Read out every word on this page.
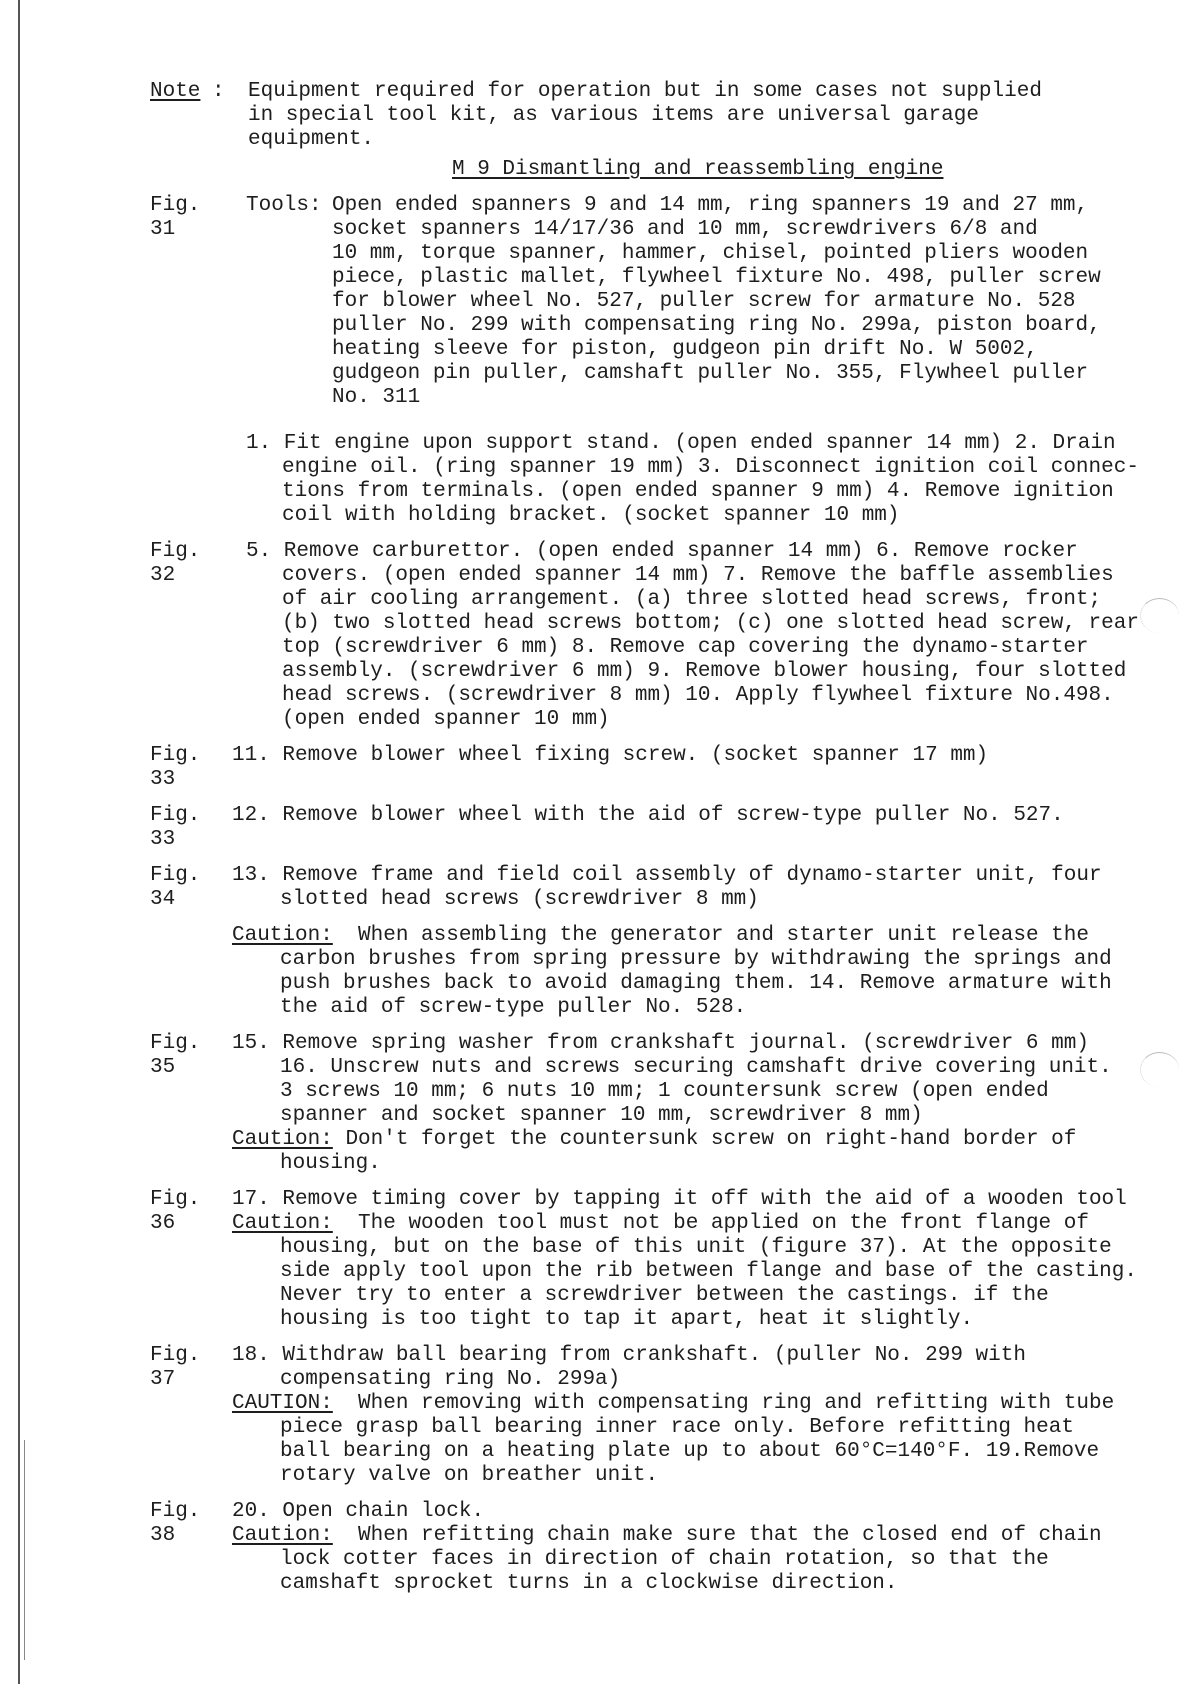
Note : Equipment required for operation but in some cases not supplied
in special tool kit, as various items are universal garage
equipment.
M 9 Dismantling and reassembling engine
Fig.
31
Tools: Open ended spanners 9 and 14 mm, ring spanners 19 and 27 mm,
socket spanners 14/17/36 and 10 mm, screwdrivers 6/8 and
10 mm, torque spanner, hammer, chisel, pointed pliers wooden
piece, plastic mallet, flywheel fixture No. 498, puller screw
for blower wheel No. 527, puller screw for armature No. 528
puller No. 299 with compensating ring No. 299a, piston board,
heating sleeve for piston, gudgeon pin drift No. W 5002,
gudgeon pin puller, camshaft puller No. 355, Flywheel puller
No. 311
1. Fit engine upon support stand. (open ended spanner 14 mm) 2. Drain
engine oil. (ring spanner 19 mm) 3. Disconnect ignition coil connec-
tions from terminals. (open ended spanner 9 mm) 4. Remove ignition
coil with holding bracket. (socket spanner 10 mm)
Fig.
32
5. Remove carburettor. (open ended spanner 14 mm) 6. Remove rocker
covers. (open ended spanner 14 mm) 7. Remove the baffle assemblies
of air cooling arrangement. (a) three slotted head screws, front;
(b) two slotted head screws bottom; (c) one slotted head screw, rear
top (screwdriver 6 mm) 8. Remove cap covering the dynamo-starter
assembly. (screwdriver 6 mm) 9. Remove blower housing, four slotted
head screws. (screwdriver 8 mm) 10. Apply flywheel fixture No.498.
(open ended spanner 10 mm)
Fig.
33
11. Remove blower wheel fixing screw. (socket spanner 17 mm)
Fig.
33
12. Remove blower wheel with the aid of screw-type puller No. 527.
Fig.
34
13. Remove frame and field coil assembly of dynamo-starter unit, four
slotted head screws (screwdriver 8 mm)
Caution: When assembling the generator and starter unit release the
carbon brushes from spring pressure by withdrawing the springs and
push brushes back to avoid damaging them. 14. Remove armature with
the aid of screw-type puller No. 528.
Fig.
35
15. Remove spring washer from crankshaft journal. (screwdriver 6 mm)
16. Unscrew nuts and screws securing camshaft drive covering unit.
3 screws 10 mm; 6 nuts 10 mm; 1 countersunk screw (open ended
spanner and socket spanner 10 mm, screwdriver 8 mm)
Caution: Don't forget the countersunk screw on right-hand border of
housing.
Fig.
36
17. Remove timing cover by tapping it off with the aid of a wooden tool
Caution: The wooden tool must not be applied on the front flange of
housing, but on the base of this unit (figure 37). At the opposite
side apply tool upon the rib between flange and base of the casting.
Never try to enter a screwdriver between the castings. if the
housing is too tight to tap it apart, heat it slightly.
Fig.
37
18. Withdraw ball bearing from crankshaft. (puller No. 299 with
compensating ring No. 299a)
CAUTION: When removing with compensating ring and refitting with tube
piece grasp ball bearing inner race only. Before refitting heat
ball bearing on a heating plate up to about 60°C=140°F. 19.Remove
rotary valve on breather unit.
Fig.
38
20. Open chain lock.
Caution: When refitting chain make sure that the closed end of chain
lock cotter faces in direction of chain rotation, so that the
camshaft sprocket turns in a clockwise direction.
